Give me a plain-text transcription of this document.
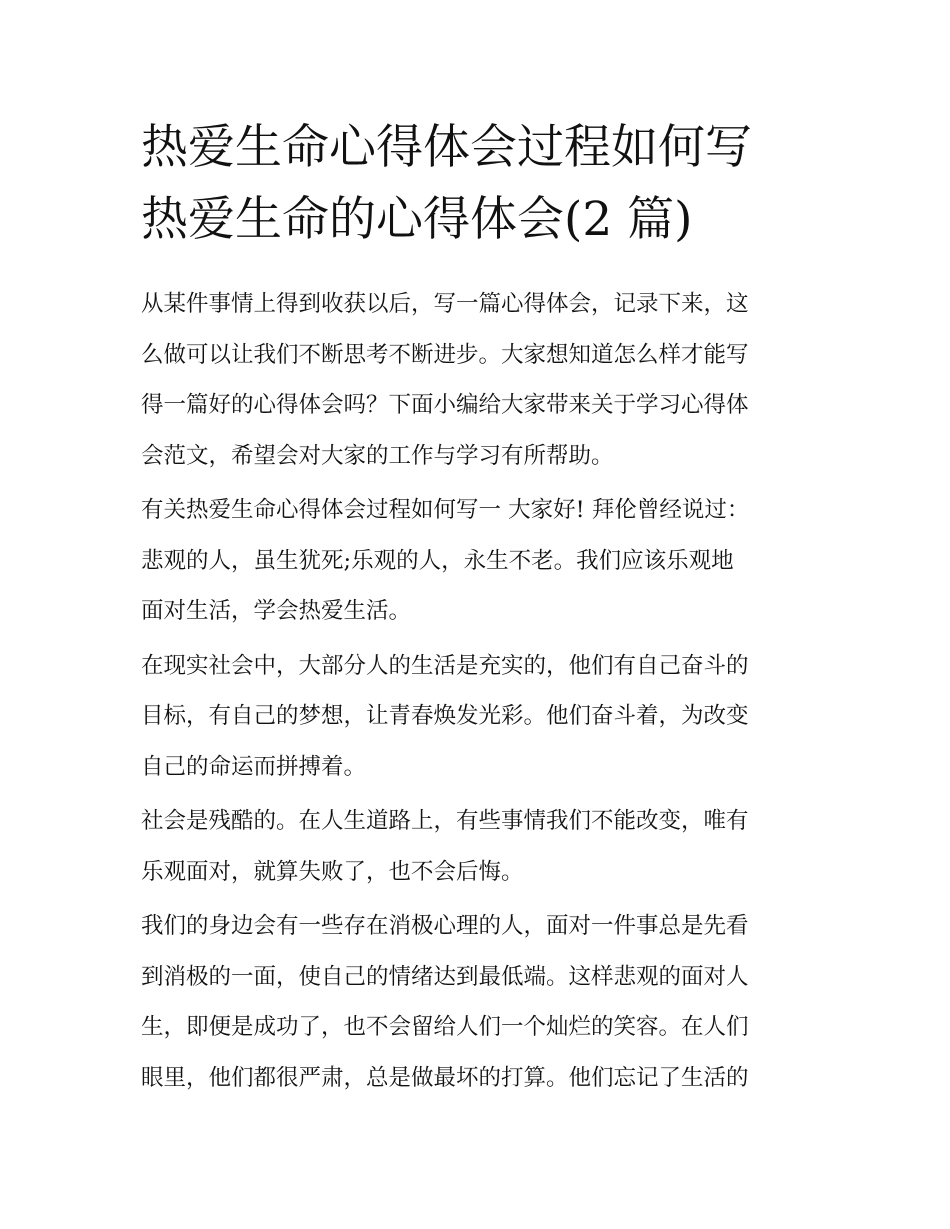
热爱生命心得体会过程如何写
热爱生命的心得体会(2 篇)

从某件事情上得到收获以后，写一篇心得体会，记录下来，这
么做可以让我们不断思考不断进步。大家想知道怎么样才能写
得一篇好的心得体会吗？下面小编给大家带来关于学习心得体
会范文，希望会对大家的工作与学习有所帮助。

有关热爱生命心得体会过程如何写一 大家好! 拜伦曾经说过：
悲观的人，虽生犹死;乐观的人，永生不老。我们应该乐观地
面对生活，学会热爱生活。

在现实社会中，大部分人的生活是充实的，他们有自己奋斗的
目标，有自己的梦想，让青春焕发光彩。他们奋斗着，为改变
自己的命运而拼搏着。

社会是残酷的。在人生道路上，有些事情我们不能改变，唯有
乐观面对，就算失败了，也不会后悔。

我们的身边会有一些存在消极心理的人，面对一件事总是先看
到消极的一面，使自己的情绪达到最低端。这样悲观的面对人
生，即便是成功了，也不会留给人们一个灿烂的笑容。在人们
眼里，他们都很严肃，总是做最坏的打算。他们忘记了生活的
